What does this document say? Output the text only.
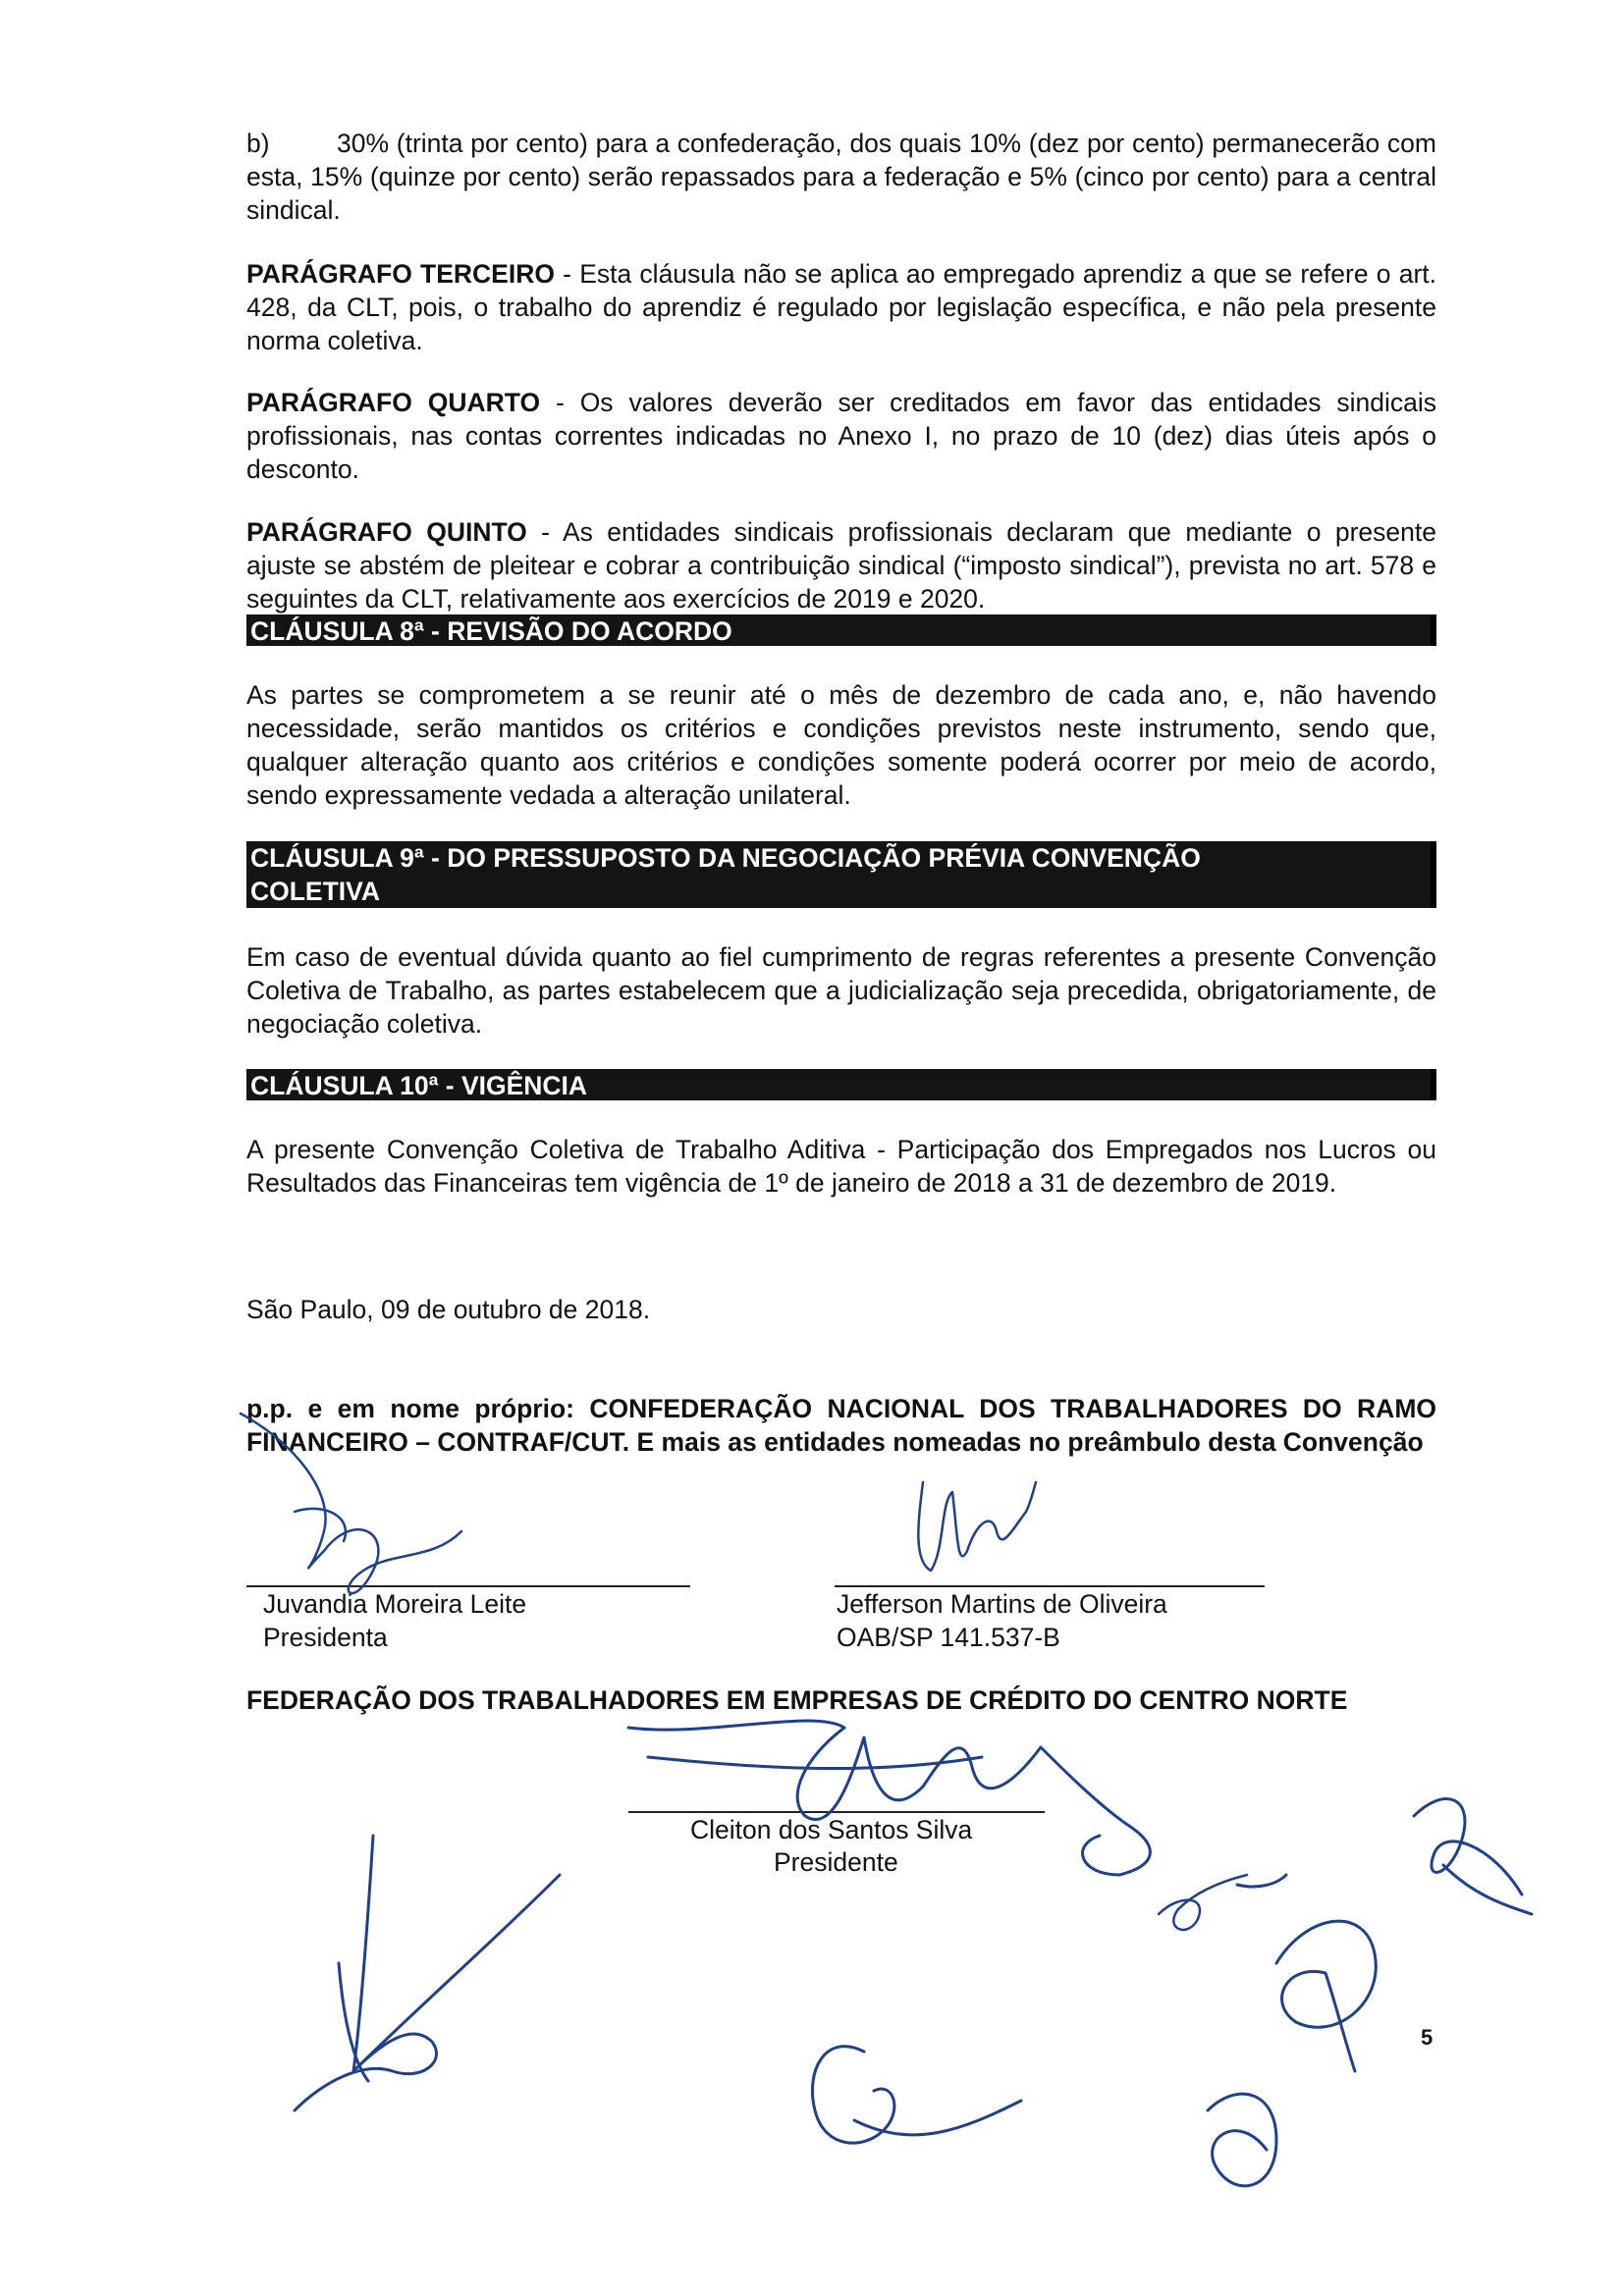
b)	30% (trinta por cento) para a confederação, dos quais 10% (dez por cento) permanecerão com esta, 15% (quinze por cento) serão repassados para a federação e 5% (cinco por cento) para a central sindical.

PARÁGRAFO TERCEIRO - Esta cláusula não se aplica ao empregado aprendiz a que se refere o art. 428, da CLT, pois, o trabalho do aprendiz é regulado por legislação específica, e não pela presente norma coletiva.

PARÁGRAFO QUARTO - Os valores deverão ser creditados em favor das entidades sindicais profissionais, nas contas correntes indicadas no Anexo I, no prazo de 10 (dez) dias úteis após o desconto.

PARÁGRAFO QUINTO - As entidades sindicais profissionais declaram que mediante o presente ajuste se abstém de pleitear e cobrar a contribuição sindical (“imposto sindical”), prevista no art. 578 e seguintes da CLT, relativamente aos exercícios de 2019 e 2020.

CLÁUSULA 8ª - REVISÃO DO ACORDO

As partes se comprometem a se reunir até o mês de dezembro de cada ano, e, não havendo necessidade, serão mantidos os critérios e condições previstos neste instrumento, sendo que, qualquer alteração quanto aos critérios e condições somente poderá ocorrer por meio de acordo, sendo expressamente vedada a alteração unilateral.

CLÁUSULA 9ª - DO PRESSUPOSTO DA NEGOCIAÇÃO PRÉVIA CONVENÇÃO
COLETIVA

Em caso de eventual dúvida quanto ao fiel cumprimento de regras referentes a presente Convenção Coletiva de Trabalho, as partes estabelecem que a judicialização seja precedida, obrigatoriamente, de negociação coletiva.

CLÁUSULA 10ª - VIGÊNCIA

A presente Convenção Coletiva de Trabalho Aditiva - Participação dos Empregados nos Lucros ou Resultados das Financeiras tem vigência de 1º de janeiro de 2018 a 31 de dezembro de 2019.

São Paulo, 09 de outubro de 2018.

p.p. e em nome próprio: CONFEDERAÇÃO NACIONAL DOS TRABALHADORES DO RAMO FINANCEIRO – CONTRAF/CUT. E mais as entidades nomeadas no preâmbulo desta Convenção

Juvandia Moreira Leite

Presidenta

Jefferson Martins de Oliveira

OAB/SP 141.537-B

FEDERAÇÃO DOS TRABALHADORES EM EMPRESAS DE CRÉDITO DO CENTRO NORTE

Cleiton dos Santos Silva

Presidente

5
